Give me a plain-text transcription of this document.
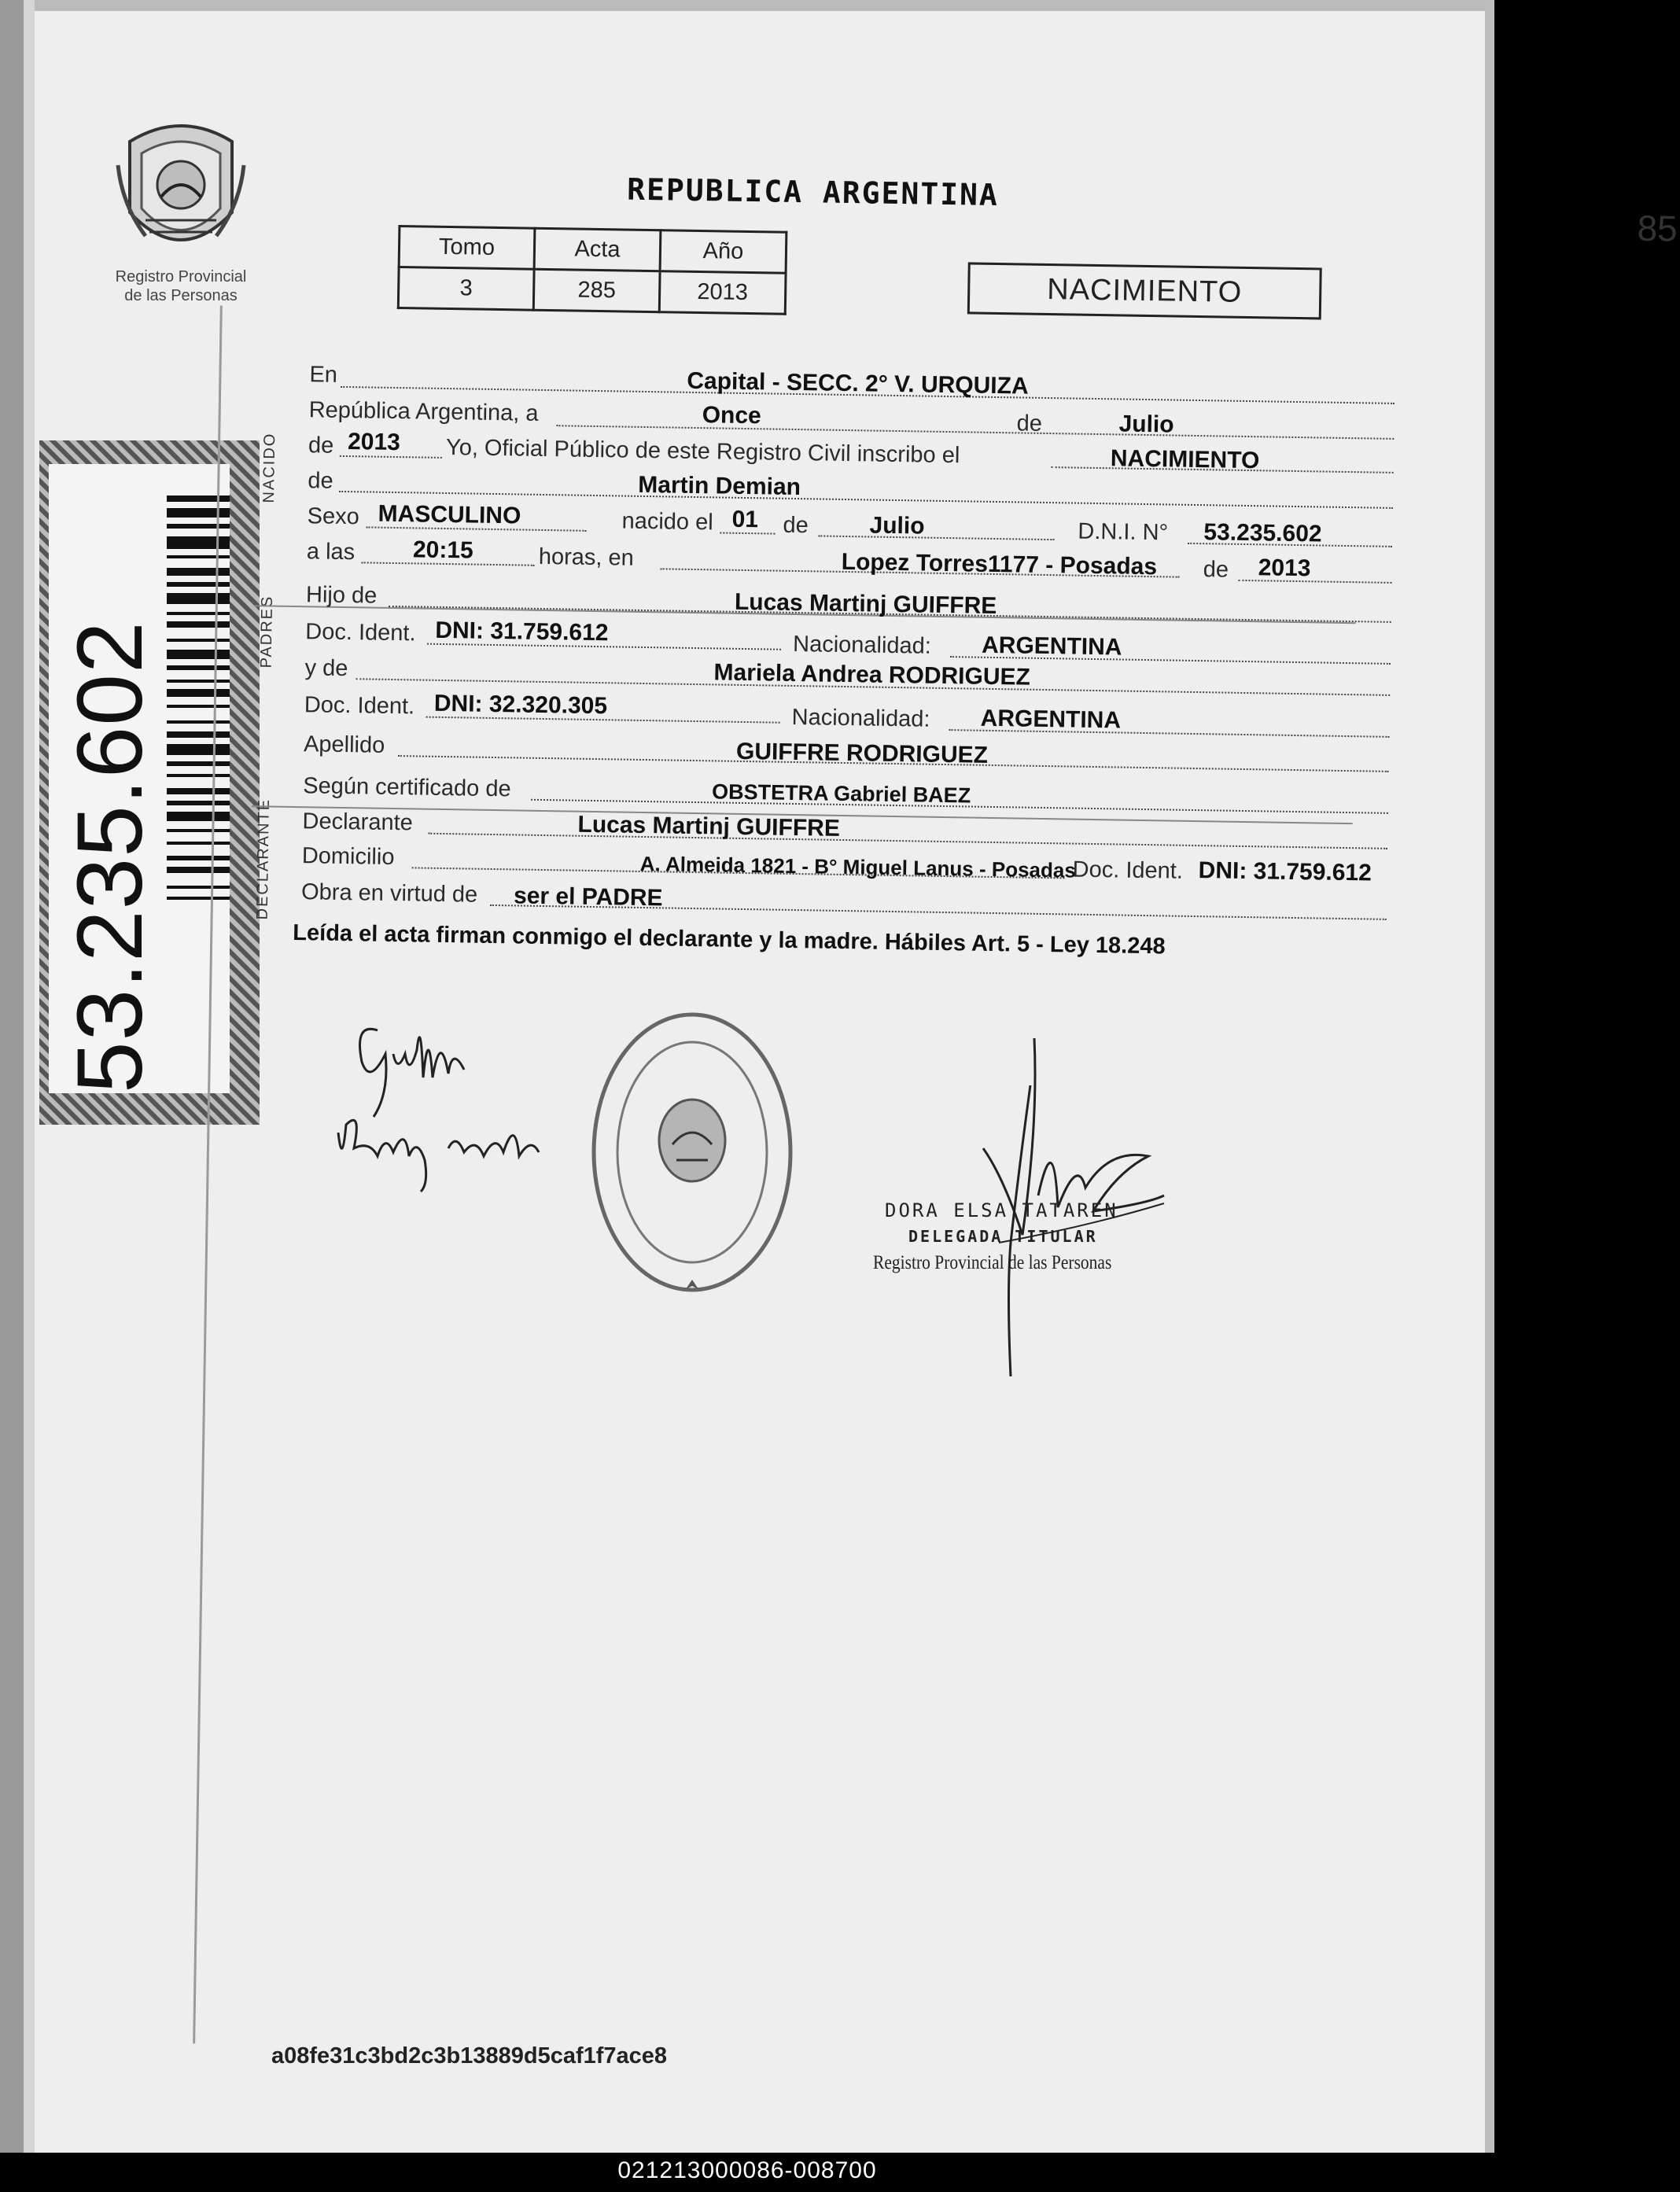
53.235.602
Registro Provincial
de las Personas
REPUBLICA ARGENTINA
85
Tomo	Acta	Año
3	285	2013	NACIMIENTO
NACIDO
PADRES
DECLARANTE
En	Capital - SECC. 2° V. URQUIZA
República Argentina, a	Once	de	Julio
de 2013 Yo, Oficial Público de este Registro Civil inscribo el	NACIMIENTO
de	Martin Demian
Sexo MASCULINO	nacido el 01 de	Julio	D.N.I. N° 53.235.602
a las 20:15	horas, en	Lopez Torres1177 - Posadas de 2013
Hijo de	Lucas Martinj GUIFFRE
Doc. Ident. DNI: 31.759.612	Nacionalidad: ARGENTINA
y de	Mariela Andrea RODRIGUEZ
Doc. Ident. DNI: 32.320.305	Nacionalidad: ARGENTINA
Apellido	GUIFFRE RODRIGUEZ
Según certificado de	OBSTETRA Gabriel BAEZ
Declarante	Lucas Martinj GUIFFRE
Domicilio	A. Almeida 1821 - B° Miguel Lanus - Posadas
Doc. Ident. DNI: 31.759.612
Obra en virtud de ser el PADRE
Leída el acta firman conmigo el declarante y la madre. Hábiles Art. 5 - Ley 18.248
DORA ELSA TATAREN
DELEGADA TITULAR
Registro Provincial de las Personas
a08fe31c3bd2c3b13889d5caf1f7ace8
021213000086-008700
